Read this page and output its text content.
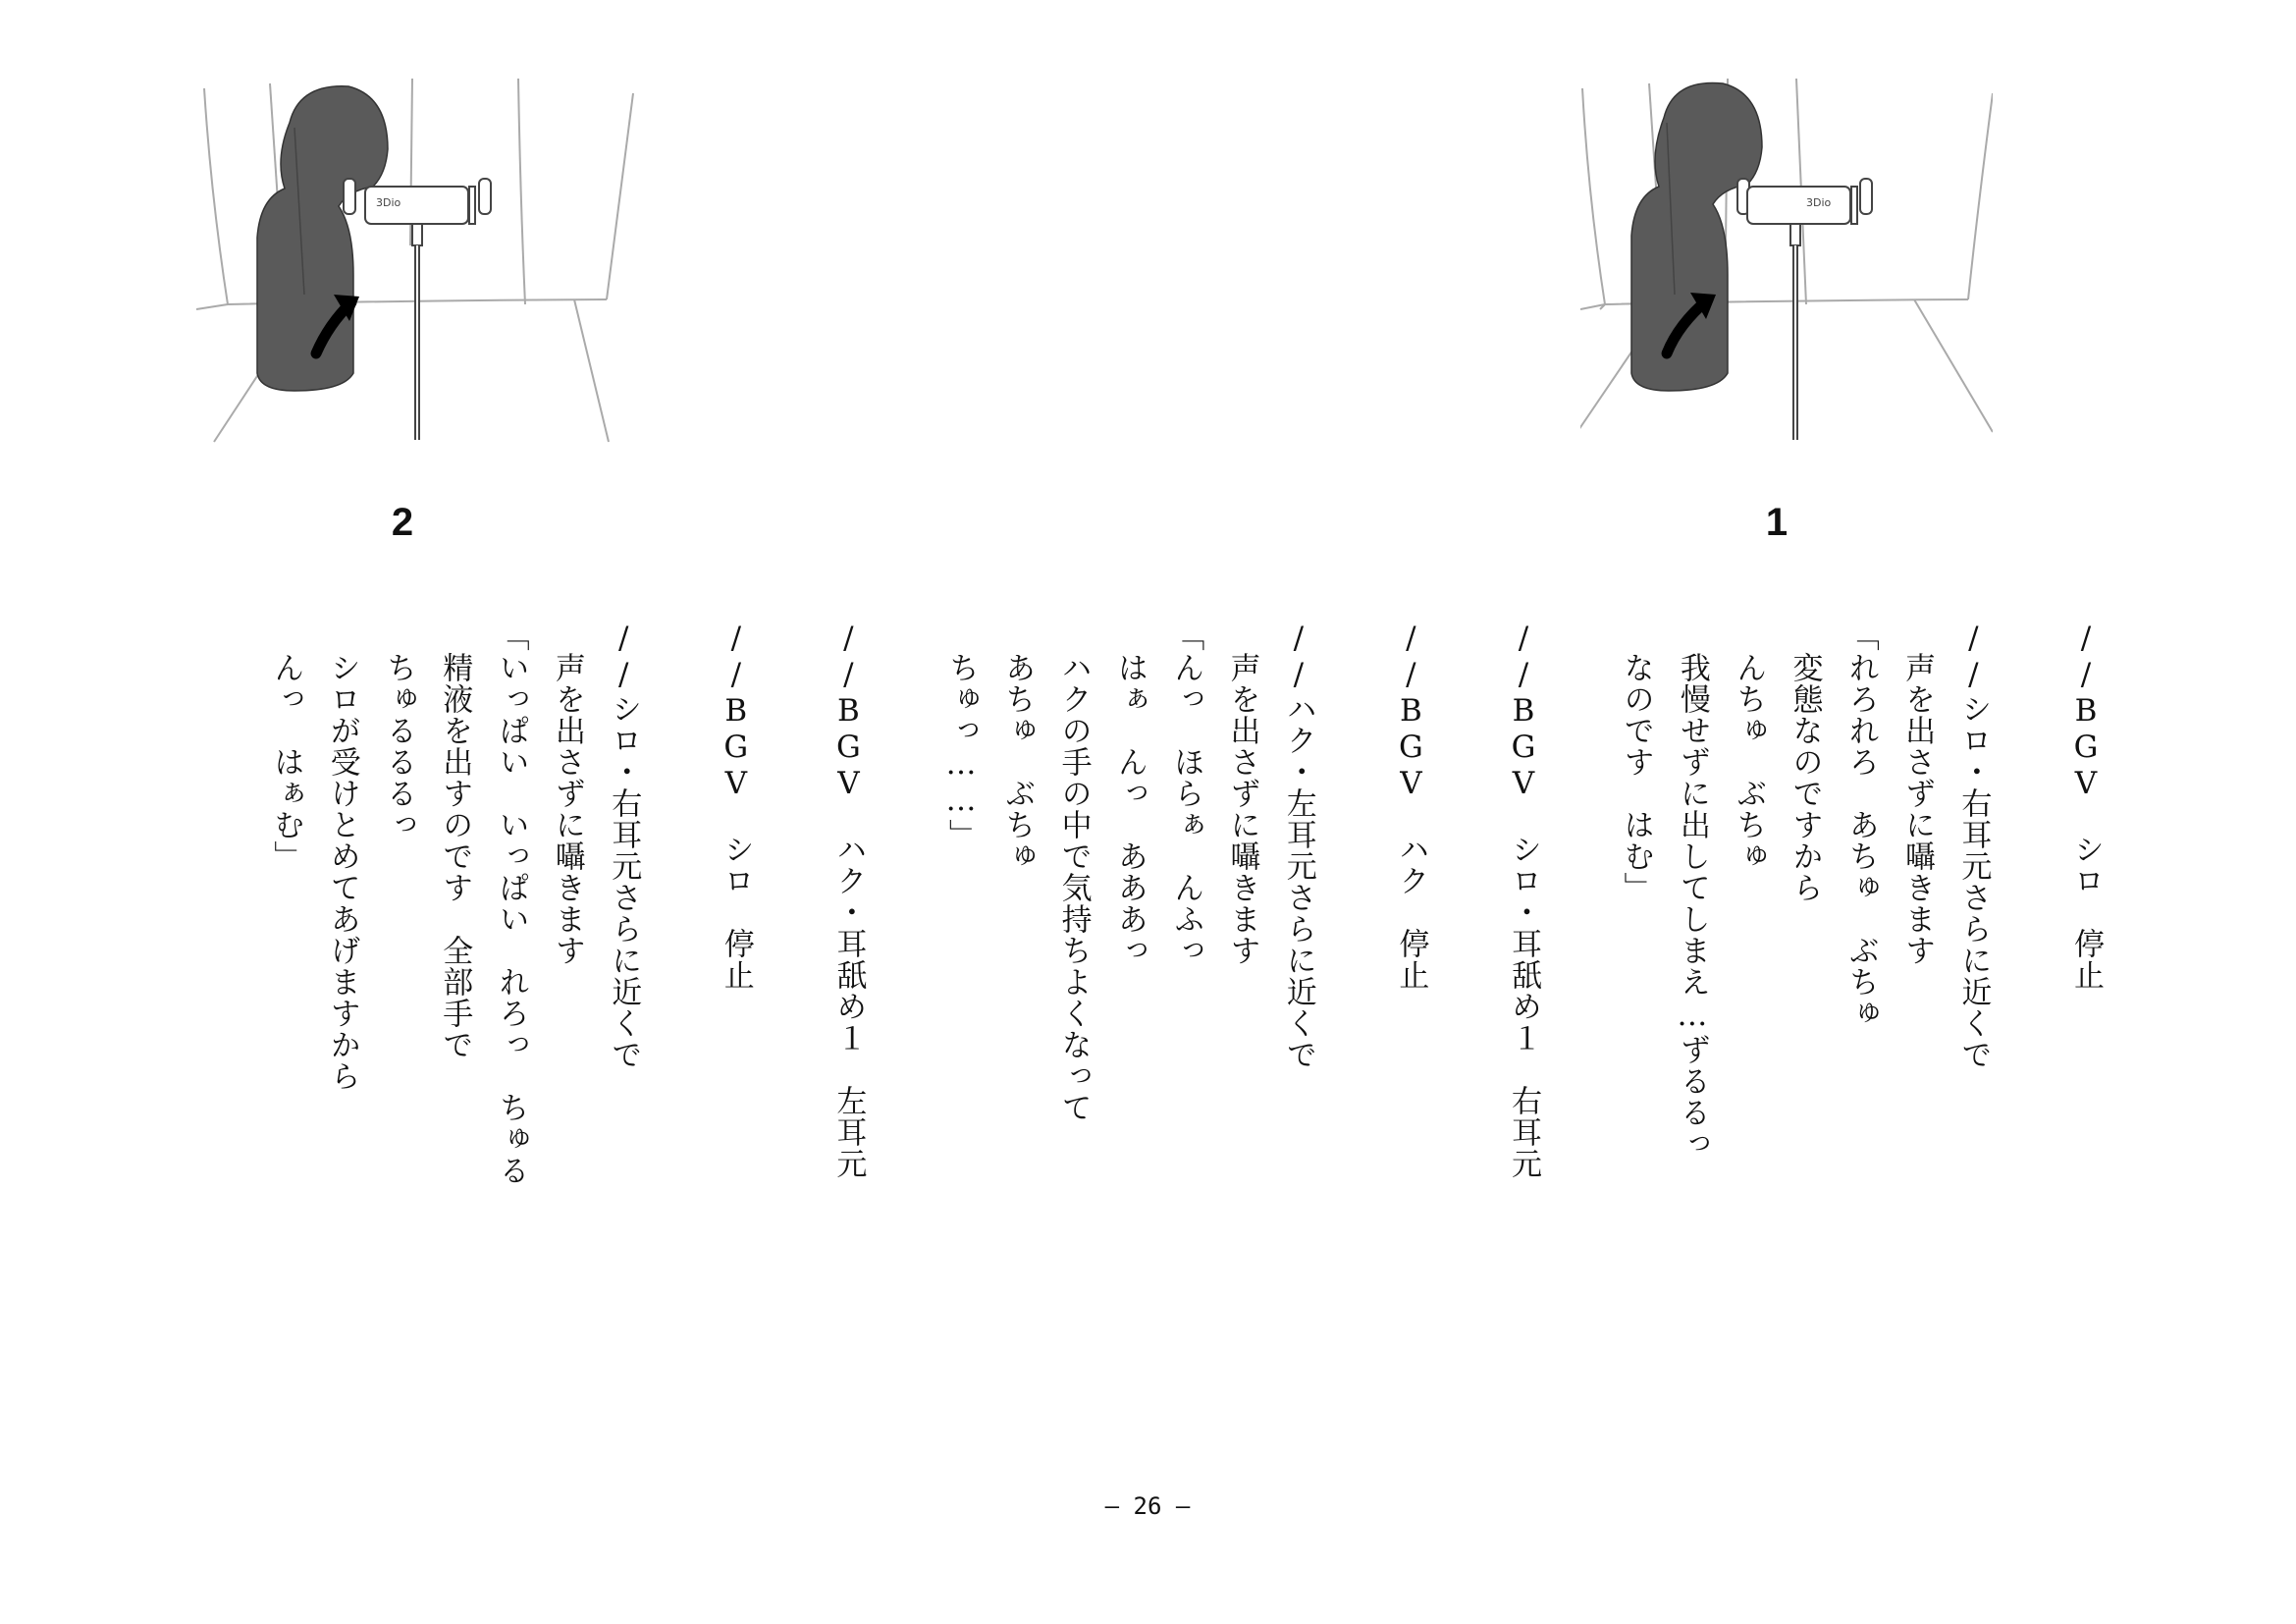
3Dio
1
3Dio
2
//BGV　シロ　停止
//シロ・右耳元さらに近くで
　声を出さずに囁きます
「れろれろ　あちゅ　ぶちゅ
　変態なのですから
　んちゅ　ぶちゅ
　我慢せずに出してしまえ…ずるるっ
　なのです　はむ」
//BGV　シロ・耳舐め１　右耳元
//BGV　ハク　停止
//ハク・左耳元さらに近くで
　声を出さずに囁きます
「んっ　ほらぁ　んふっ
　はぁ　んっ　あああっ
　ハクの手の中で気持ちよくなって
　あちゅ　ぶちゅ
　ちゅっ……」
//BGV　ハク・耳舐め１　左耳元
//BGV　シロ　停止
//シロ・右耳元さらに近くで
　声を出さずに囁きます
「いっぱい　いっぱい　れろっ　ちゅる
　精液を出すのです　全部手で
　ちゅるるるっ
　シロが受けとめてあげますから
　んっ　はぁむ」
— 26 —
